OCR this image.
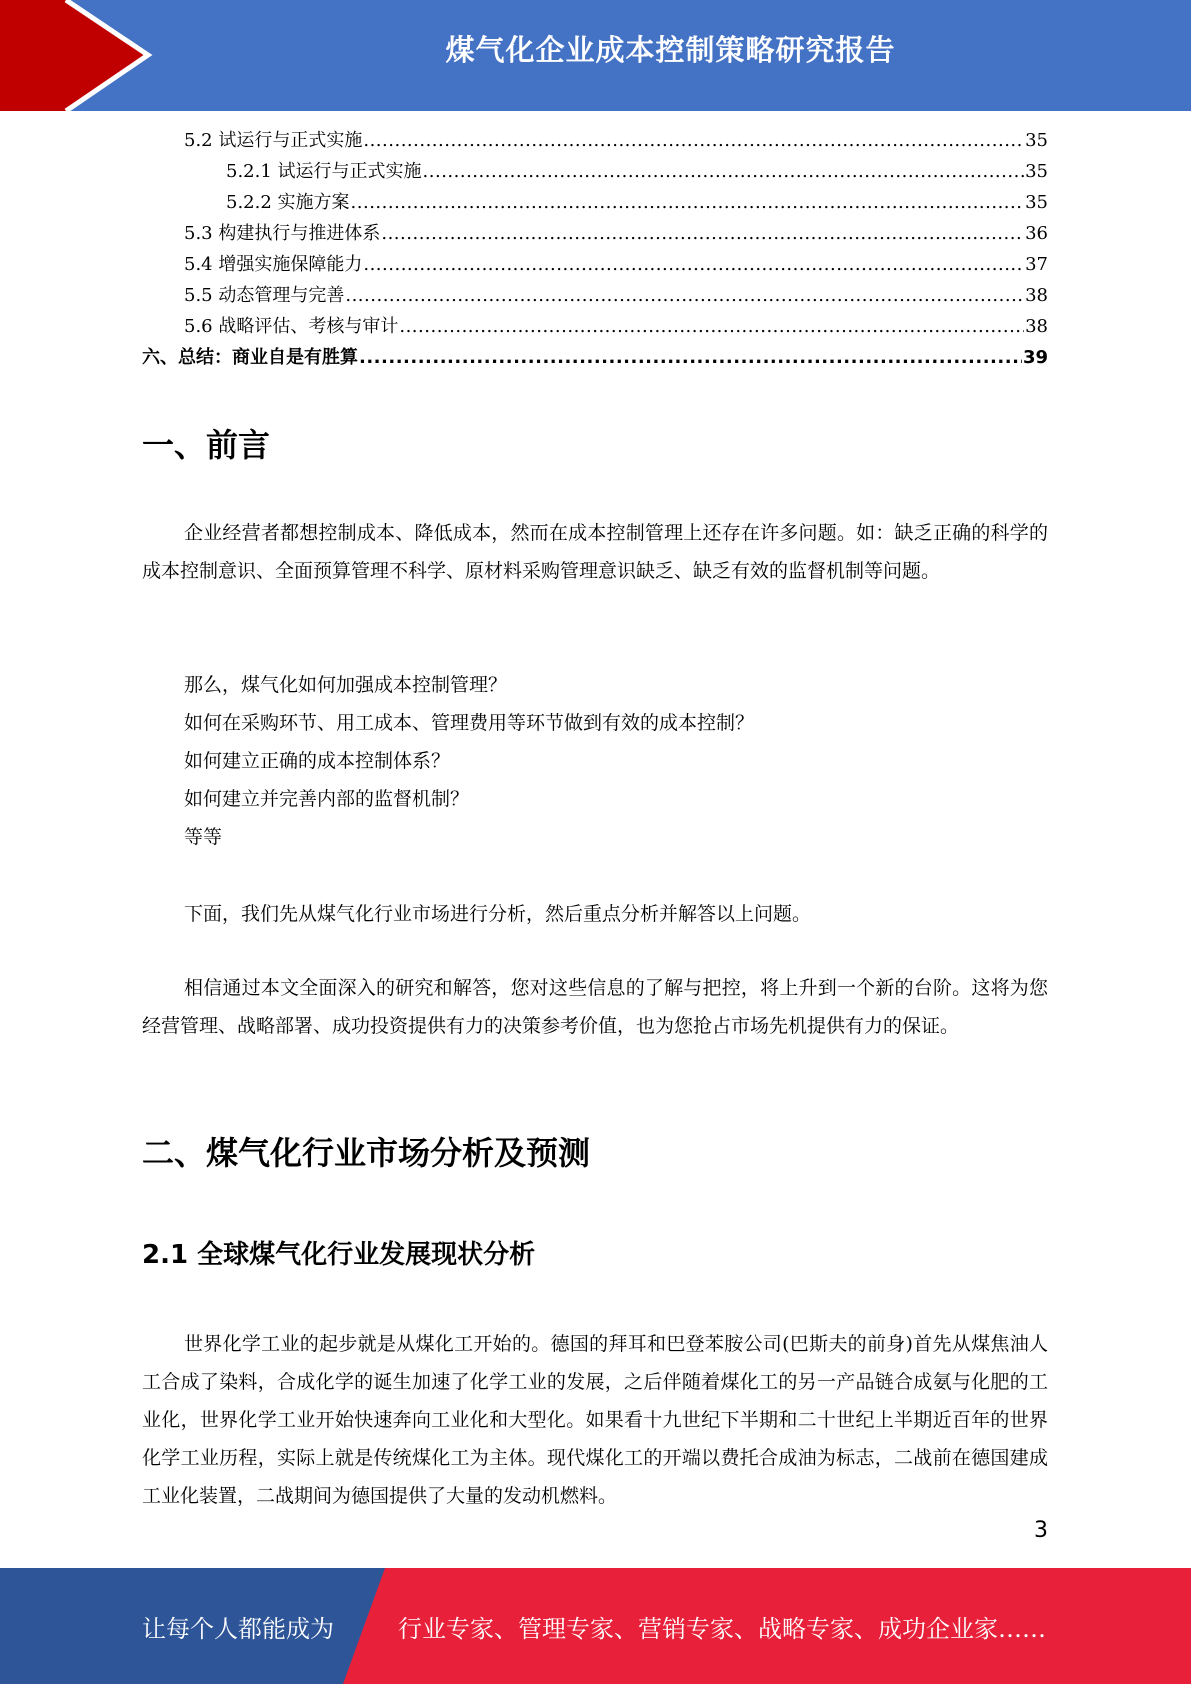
煤气化企业成本控制策略研究报告
5.2 试运行与正式实施 .....	35
5.2.1 试运行与正式实施 .....	35
5.2.2 实施方案 .....	35
5.3 构建执行与推进体系 .....	36
5.4 增强实施保障能力 .....	37
5.5 动态管理与完善 .....	38
5.6 战略评估、考核与审计 .....	38
六、总结：商业自是有胜算 .....	39
一、前言

企业经营者都想控制成本、降低成本，然而在成本控制管理上还存在许多问题。如：缺乏正确的科学的成本控制意识、全面预算管理不科学、原材料采购管理意识缺乏、缺乏有效的监督机制等问题。

那么，煤气化如何加强成本控制管理？
如何在采购环节、用工成本、管理费用等环节做到有效的成本控制？
如何建立正确的成本控制体系？
如何建立并完善内部的监督机制？
等等

下面，我们先从煤气化行业市场进行分析，然后重点分析并解答以上问题。

相信通过本文全面深入的研究和解答，您对这些信息的了解与把控，将上升到一个新的台阶。这将为您经营管理、战略部署、成功投资提供有力的决策参考价值，也为您抢占市场先机提供有力的保证。

二、煤气化行业市场分析及预测
2.1 全球煤气化行业发展现状分析

世界化学工业的起步就是从煤化工开始的。德国的拜耳和巴登苯胺公司(巴斯夫的前身)首先从煤焦油人工合成了染料，合成化学的诞生加速了化学工业的发展，之后伴随着煤化工的另一产品链合成氨与化肥的工业化，世界化学工业开始快速奔向工业化和大型化。如果看十九世纪下半期和二十世纪上半期近百年的世界化学工业历程，实际上就是传统煤化工为主体。现代煤化工的开端以费托合成油为标志，二战前在德国建成工业化装置，二战期间为德国提供了大量的发动机燃料。

3
让每个人都能成为	行业专家、管理专家、营销专家、战略专家、成功企业家……
